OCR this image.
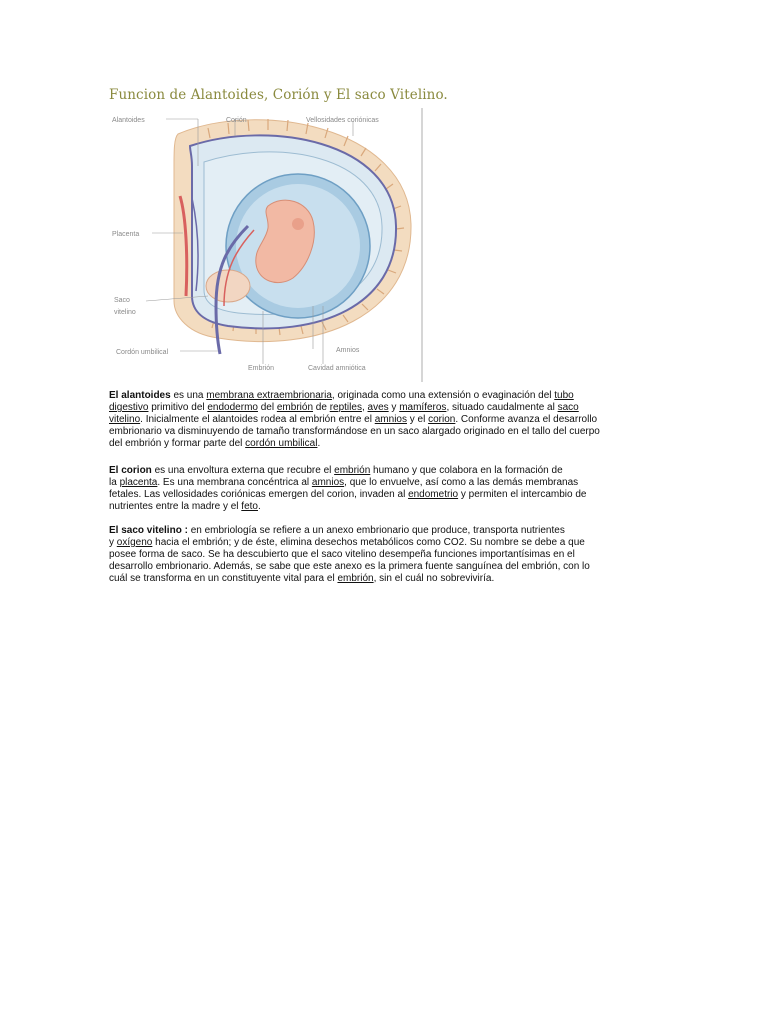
Funcion de Alantoides, Corión y El saco Vitelino.
Alantoides	Corión	Vellosidades coriónicas
Placenta
Saco
vitelino
Cordón umbilical	Amnios
Embrión	Cavidad amniótica
El alantoides es una membrana extraembrionaria, originada como una extensión o evaginación del tubo
digestivo primitivo del endodermo del embrión de reptiles, aves y mamíferos, situado caudalmente al saco
vitelino. Inicialmente el alantoides rodea al embrión entre el amnios y el corion. Conforme avanza el desarrollo
embrionario va disminuyendo de tamaño transformándose en un saco alargado originado en el tallo del cuerpo
del embrión y formar parte del cordón umbilical.
El corion es una envoltura externa que recubre el embrión humano y que colabora en la formación de
la placenta. Es una membrana concéntrica al amnios, que lo envuelve, así como a las demás membranas
fetales. Las vellosidades coriónicas emergen del corion, invaden al endometrio y permiten el intercambio de
nutrientes entre la madre y el feto.
El saco vitelino : en embriología se refiere a un anexo embrionario que produce, transporta nutrientes
y oxígeno hacia el embrión; y de éste, elimina desechos metabólicos como CO2. Su nombre se debe a que
posee forma de saco. Se ha descubierto que el saco vitelino desempeña funciones importantísimas en el
desarrollo embrionario. Además, se sabe que este anexo es la primera fuente sanguínea del embrión, con lo
cuál se transforma en un constituyente vital para el embrión, sin el cuál no sobreviviría.
